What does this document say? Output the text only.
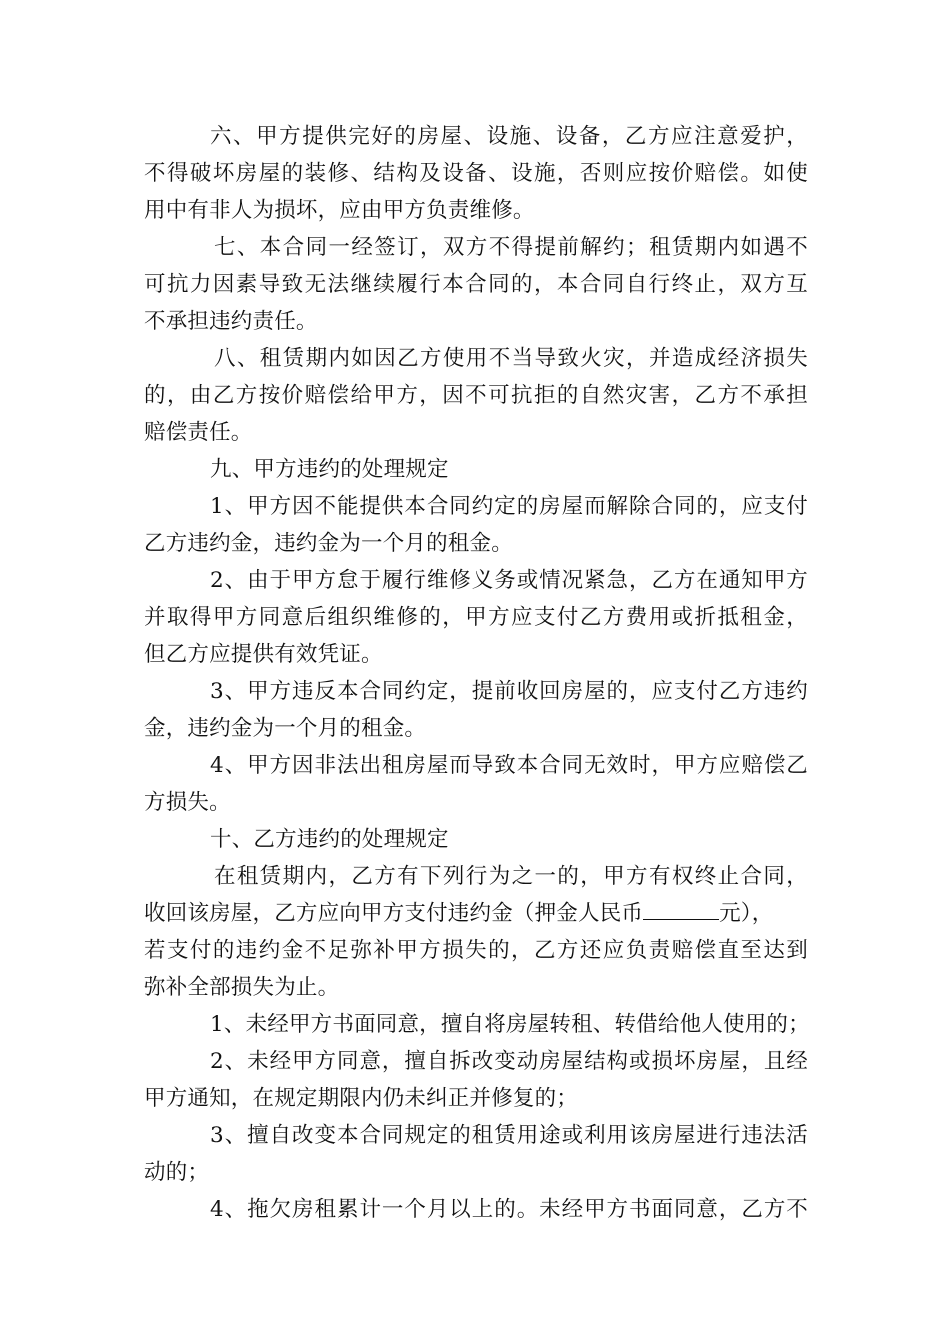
六、甲方提供完好的房屋、设施、设备，乙方应注意爱护，
不得破坏房屋的装修、结构及设备、设施，否则应按价赔偿。如使
用中有非人为损坏，应由甲方负责维修。
七、本合同一经签订，双方不得提前解约；租赁期内如遇不
可抗力因素导致无法继续履行本合同的，本合同自行终止，双方互
不承担违约责任。
八、租赁期内如因乙方使用不当导致火灾，并造成经济损失
的，由乙方按价赔偿给甲方，因不可抗拒的自然灾害，乙方不承担
赔偿责任。
九、甲方违约的处理规定
1、甲方因不能提供本合同约定的房屋而解除合同的，应支付
乙方违约金，违约金为一个月的租金。
2、由于甲方怠于履行维修义务或情况紧急，乙方在通知甲方
并取得甲方同意后组织维修的，甲方应支付乙方费用或折抵租金，
但乙方应提供有效凭证。
3、甲方违反本合同约定，提前收回房屋的，应支付乙方违约
金，违约金为一个月的租金。
4、甲方因非法出租房屋而导致本合同无效时，甲方应赔偿乙
方损失。
十、乙方违约的处理规定
在租赁期内，乙方有下列行为之一的，甲方有权终止合同，
收回该房屋，乙方应向甲方支付违约金（押金人民币	元），
若支付的违约金不足弥补甲方损失的，乙方还应负责赔偿直至达到
弥补全部损失为止。
1、未经甲方书面同意，擅自将房屋转租、转借给他人使用的；
2、未经甲方同意，擅自拆改变动房屋结构或损坏房屋，且经
甲方通知，在规定期限内仍未纠正并修复的；
3、擅自改变本合同规定的租赁用途或利用该房屋进行违法活
动的；
4、拖欠房租累计一个月以上的。未经甲方书面同意，乙方不
